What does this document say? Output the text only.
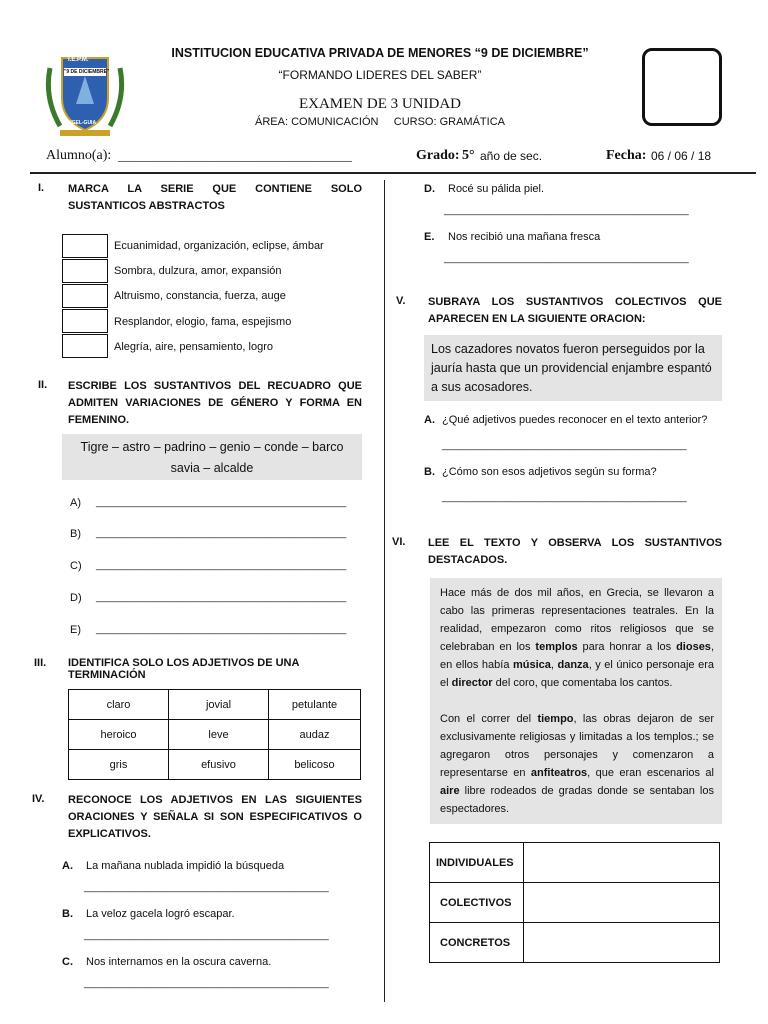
I.E.P.M.
"9 DE DICIEMBRE"
UGEL-GUIA
INSTITUCION EDUCATIVA PRIVADA DE MENORES “9 DE DICIEMBRE”
“FORMANDO LIDERES DEL SABER”
EXAMEN DE 3 UNIDAD
ÁREA: COMUNICACIÓN CURSO: GRAMÁTICA
Alumno(a): ____________________________________	Grado: 5° año de sec.	Fecha: 06 / 06 / 18
I. MARCA LA SERIE QUE CONTIENE SOLO SUSTANTICOS ABSTRACTOS
Ecuanimidad, organización, eclipse, ámbar
Sombra, dulzura, amor, expansión
Altruismo, constancia, fuerza, auge
Resplandor, elogio, fama, espejismo
Alegría, aire, pensamiento, logro
II. ESCRIBE LOS SUSTANTIVOS DEL RECUADRO QUE ADMITEN VARIACIONES DE GÉNERO Y FORMA EN FEMENINO.
Tigre – astro – padrino – genio – conde – barco
savia – alcalde
A) _____________________________________________
B) _____________________________________________
C) _____________________________________________
D) _____________________________________________
E) _____________________________________________
III. IDENTIFICA SOLO LOS ADJETIVOS DE UNA TERMINACIÓN
claro	jovial	petulante
heroico	leve	audaz
gris	efusivo	belicoso
IV. RECONOCE LOS ADJETIVOS EN LAS SIGUIENTES ORACIONES Y SEÑALA SI SON ESPECIFICATIVOS O EXPLICATIVOS.
A. La mañana nublada impidió la búsqueda
____________________________________________
B. La veloz gacela logró escapar.
____________________________________________
C. Nos internamos en la oscura caverna.
____________________________________________
D. Rocé su pálida piel.
____________________________________________
E. Nos recibió una mañana fresca
____________________________________________
V. SUBRAYA LOS SUSTANTIVOS COLECTIVOS QUE APARECEN EN LA SIGUIENTE ORACION:
Los cazadores novatos fueron perseguidos por la jauría hasta que un providencial enjambre espantó a sus acosadores.
A. ¿Qué adjetivos puedes reconocer en el texto anterior?
____________________________________________
B. ¿Cómo son esos adjetivos según su forma?
____________________________________________
VI. LEE EL TEXTO Y OBSERVA LOS SUSTANTIVOS DESTACADOS.
Hace más de dos mil años, en Grecia, se llevaron a cabo las primeras representaciones teatrales. En la realidad, empezaron como ritos religiosos que se celebraban en los templos para honrar a los dioses, en ellos había música, danza, y el único personaje era el director del coro, que comentaba los cantos.
Con el correr del tiempo, las obras dejaron de ser exclusivamente religiosas y limitadas a los templos.; se agregaron otros personajes y comenzaron a representarse en anfiteatros, que eran escenarios al aire libre rodeados de gradas donde se sentaban los espectadores.
INDIVIDUALES	
COLECTIVOS	
CONCRETOS	
